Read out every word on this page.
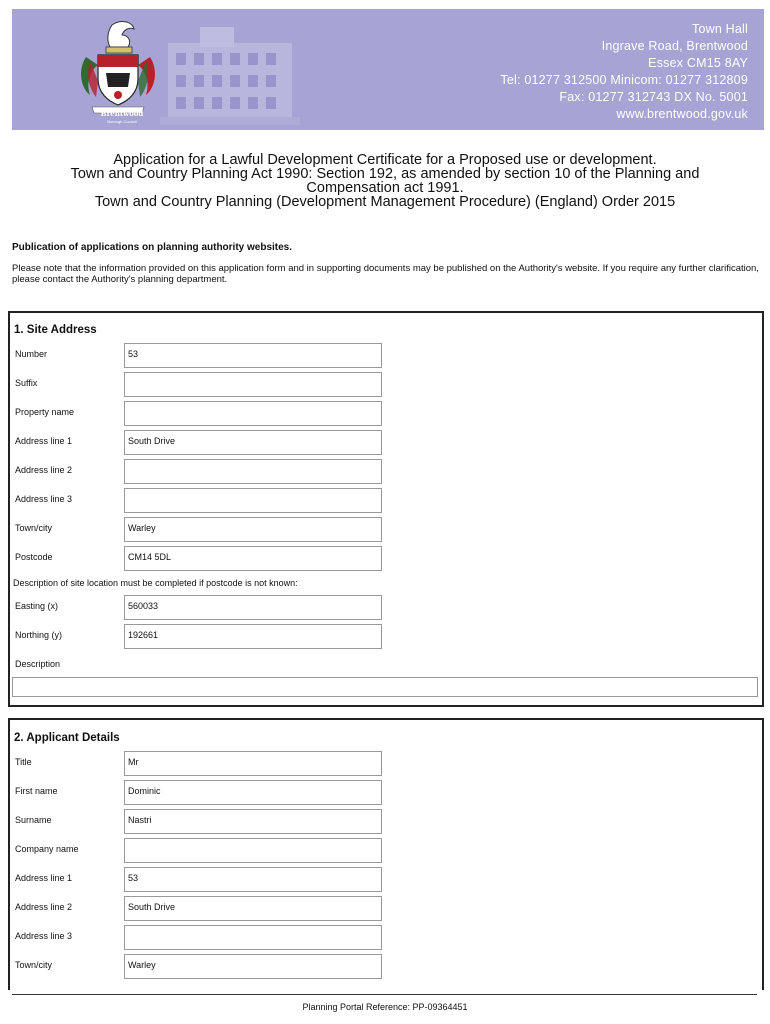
Brentwood
Borough Council
Town Hall
Ingrave Road, Brentwood
Essex CM15 8AY
Tel: 01277 312500 Minicom: 01277 312809
Fax: 01277 312743 DX No. 5001
www.brentwood.gov.uk
Application for a Lawful Development Certificate for a Proposed use or development.
Town and Country Planning Act 1990: Section 192, as amended by section 10 of the Planning and
Compensation act 1991.
Town and Country Planning (Development Management Procedure) (England) Order 2015
Publication of applications on planning authority websites.
Please note that the information provided on this application form and in supporting documents may be published on the Authority's website. If you require any further clarification, please contact the Authority's planning department.
1. Site Address
Number	53
Suffix
Property name
Address line 1	South Drive
Address line 2
Address line 3
Town/city	Warley
Postcode	CM14 5DL
Description of site location must be completed if postcode is not known:
Easting (x)	560033
Northing (y)	192661
Description
2. Applicant Details
Title	Mr
First name	Dominic
Surname	Nastri
Company name
Address line 1	53
Address line 2	South Drive
Address line 3
Town/city	Warley
Planning Portal Reference: PP-09364451
